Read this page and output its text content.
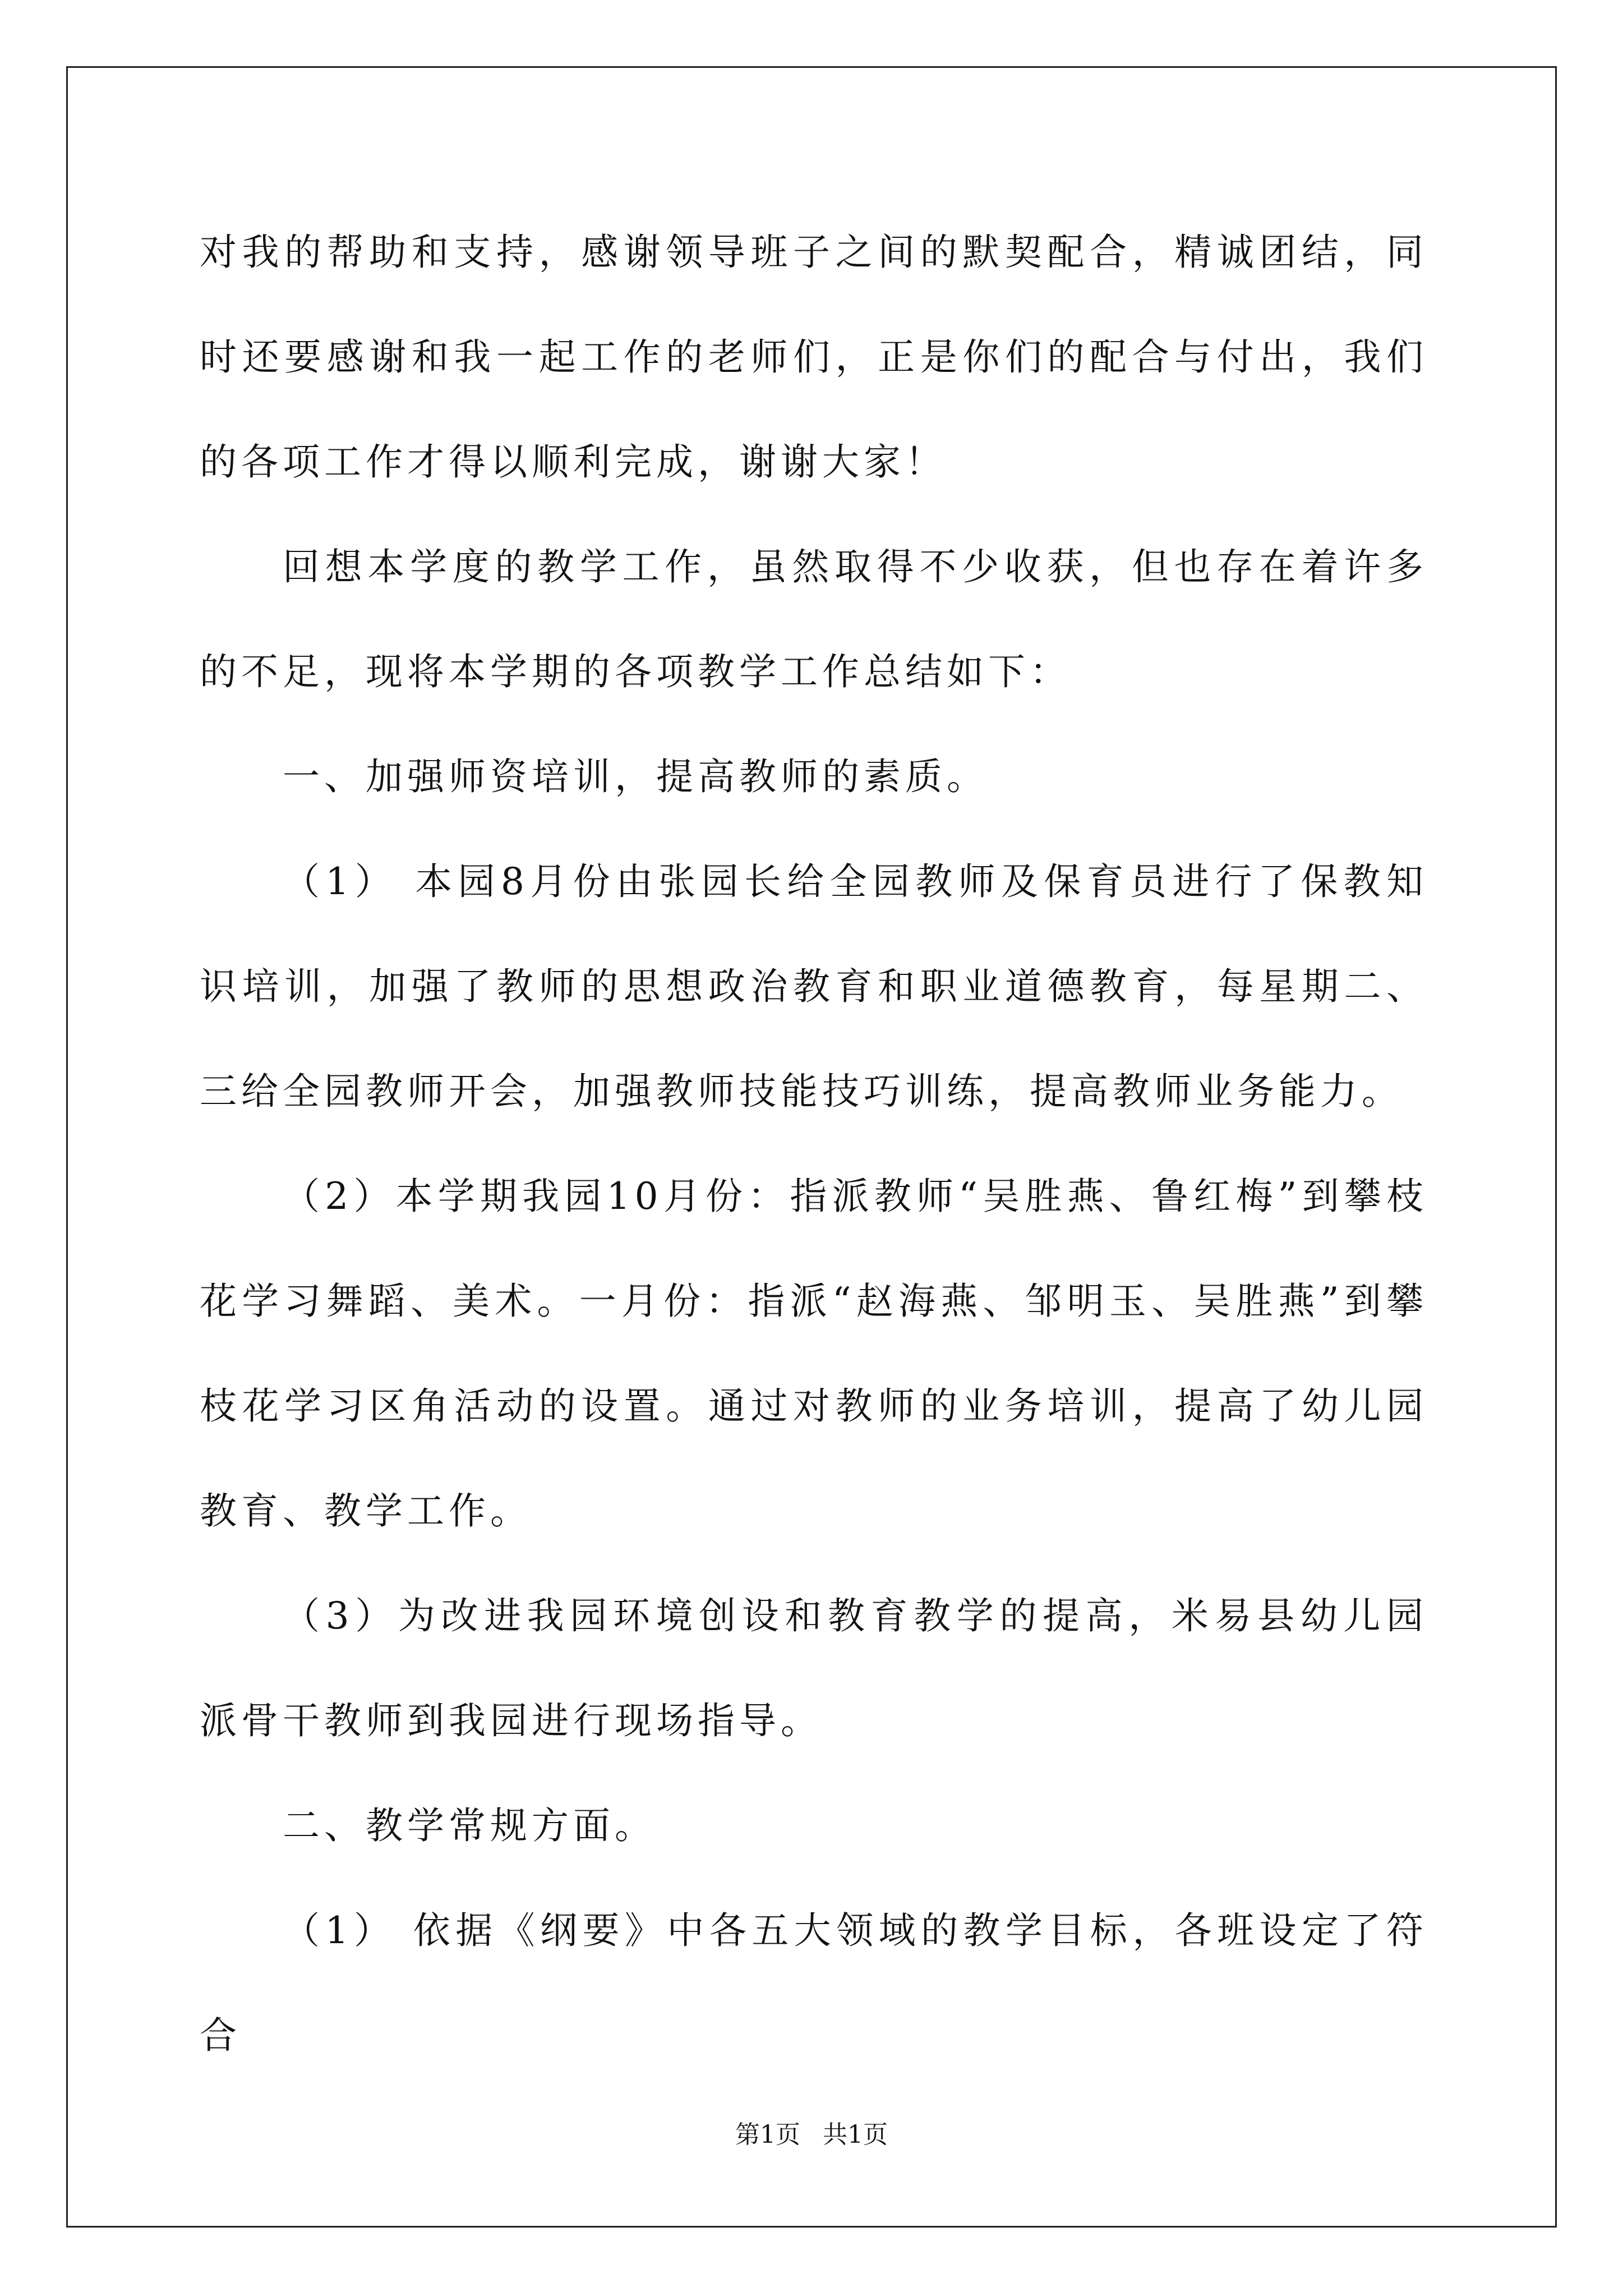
对我的帮助和支持，感谢领导班子之间的默契配合，精诚团结，同时还要感谢和我一起工作的老师们，正是你们的配合与付出，我们的各项工作才得以顺利完成，谢谢大家！

回想本学度的教学工作，虽然取得不少收获，但也存在着许多的不足，现将本学期的各项教学工作总结如下：

一、加强师资培训，提高教师的素质。

（1） 本园8月份由张园长给全园教师及保育员进行了保教知识培训，加强了教师的思想政治教育和职业道德教育，每星期二、三给全园教师开会，加强教师技能技巧训练，提高教师业务能力。

（2）本学期我园10月份：指派教师“吴胜燕、鲁红梅”到攀枝花学习舞蹈、美术。一月份：指派“赵海燕、邹明玉、吴胜燕”到攀枝花学习区角活动的设置。通过对教师的业务培训，提高了幼儿园教育、教学工作。

（3）为改进我园环境创设和教育教学的提高，米易县幼儿园派骨干教师到我园进行现场指导。

二、教学常规方面。

（1） 依据《纲要》中各五大领域的教学目标，各班设定了符合

第1页 共1页
